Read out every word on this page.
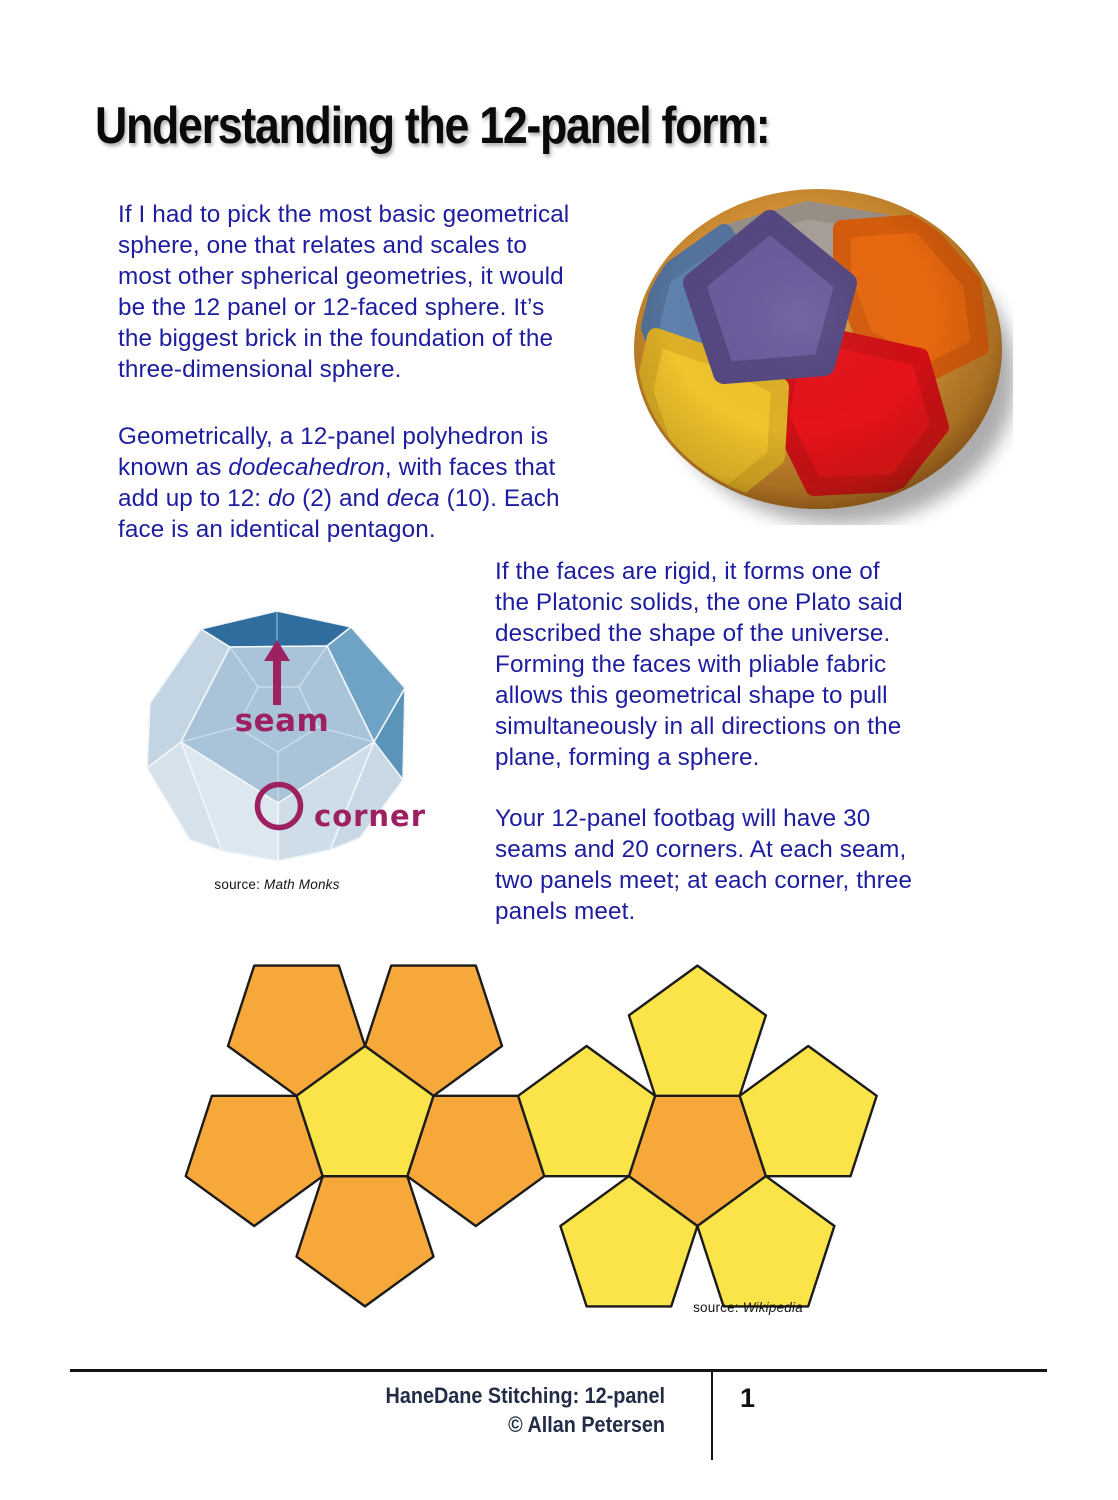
Understanding the 12-panel form:

If I had to pick the most basic geometrical
sphere, one that relates and scales to
most other spherical geometries, it would
be the 12 panel or 12-faced sphere. It’s
the biggest brick in the foundation of the
three-dimensional sphere.

Geometrically, a 12-panel polyhedron is
known as dodecahedron, with faces that
add up to 12: do (2) and deca (10). Each
face is an identical pentagon.

seam
corner

source: Math Monks

If the faces are rigid, it forms one of
the Platonic solids, the one Plato said
described the shape of the universe.
Forming the faces with pliable fabric
allows this geometrical shape to pull
simultaneously in all directions on the
plane, forming a sphere.

Your 12-panel footbag will have 30
seams and 20 corners. At each seam,
two panels meet; at each corner, three
panels meet.

source: Wikipedia

HaneDane Stitching: 12-panel
© Allan Petersen

1
